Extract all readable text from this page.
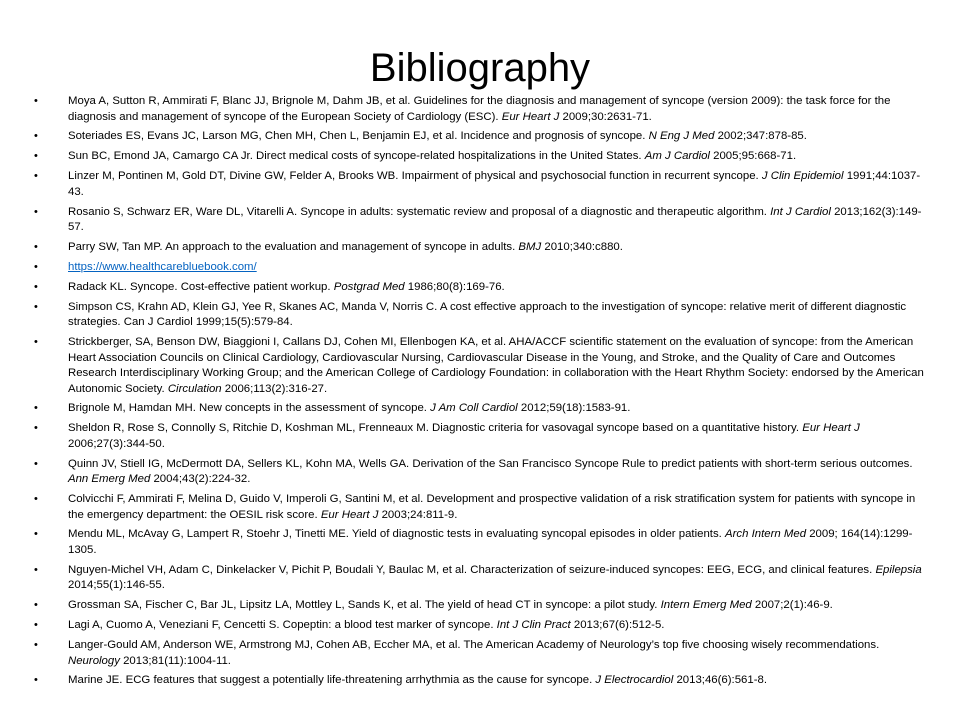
Bibliography
•	Moya A, Sutton R, Ammirati F, Blanc JJ, Brignole M, Dahm JB, et al. Guidelines for the diagnosis and management of syncope (version 2009): the task force for the diagnosis and management of syncope of the European Society of Cardiology (ESC). Eur Heart J 2009;30:2631-71.
•	Soteriades ES, Evans JC, Larson MG, Chen MH, Chen L, Benjamin EJ, et al. Incidence and prognosis of syncope. N Eng J Med 2002;347:878-85.
•	Sun BC, Emond JA, Camargo CA Jr. Direct medical costs of syncope-related hospitalizations in the United States. Am J Cardiol 2005;95:668-71.
•	Linzer M, Pontinen M, Gold DT, Divine GW, Felder A, Brooks WB. Impairment of physical and psychosocial function in recurrent syncope. J Clin Epidemiol 1991;44:1037-43.
•	Rosanio S, Schwarz ER, Ware DL, Vitarelli A. Syncope in adults: systematic review and proposal of a diagnostic and therapeutic algorithm. Int J Cardiol 2013;162(3):149-57.
•	Parry SW, Tan MP. An approach to the evaluation and management of syncope in adults. BMJ 2010;340:c880.
•	https://www.healthcarebluebook.com/
•	Radack KL. Syncope. Cost-effective patient workup. Postgrad Med 1986;80(8):169-76.
•	Simpson CS, Krahn AD, Klein GJ, Yee R, Skanes AC, Manda V, Norris C. A cost effective approach to the investigation of syncope: relative merit of different diagnostic strategies. Can J Cardiol 1999;15(5):579-84.
•	Strickberger, SA, Benson DW, Biaggioni I, Callans DJ, Cohen MI, Ellenbogen KA, et al. AHA/ACCF scientific statement on the evaluation of syncope: from the American Heart Association Councils on Clinical Cardiology, Cardiovascular Nursing, Cardiovascular Disease in the Young, and Stroke, and the Quality of Care and Outcomes Research Interdisciplinary Working Group; and the American College of Cardiology Foundation: in collaboration with the Heart Rhythm Society: endorsed by the American Autonomic Society. Circulation 2006;113(2):316-27.
•	Brignole M, Hamdan MH. New concepts in the assessment of syncope. J Am Coll Cardiol 2012;59(18):1583-91.
•	Sheldon R, Rose S, Connolly S, Ritchie D, Koshman ML, Frenneaux M. Diagnostic criteria for vasovagal syncope based on a quantitative history. Eur Heart J 2006;27(3):344-50.
•	Quinn JV, Stiell IG, McDermott DA, Sellers KL, Kohn MA, Wells GA. Derivation of the San Francisco Syncope Rule to predict patients with short-term serious outcomes. Ann Emerg Med 2004;43(2):224-32.
•	Colvicchi F, Ammirati F, Melina D, Guido V, Imperoli G, Santini M, et al. Development and prospective validation of a risk stratification system for patients with syncope in the emergency department: the OESIL risk score. Eur Heart J 2003;24:811-9.
•	Mendu ML, McAvay G, Lampert R, Stoehr J, Tinetti ME. Yield of diagnostic tests in evaluating syncopal episodes in older patients. Arch Intern Med 2009; 164(14):1299-1305.
•	Nguyen-Michel VH, Adam C, Dinkelacker V, Pichit P, Boudali Y, Baulac M, et al. Characterization of seizure-induced syncopes: EEG, ECG, and clinical features. Epilepsia 2014;55(1):146-55.
•	Grossman SA, Fischer C, Bar JL, Lipsitz LA, Mottley L, Sands K, et al. The yield of head CT in syncope: a pilot study. Intern Emerg Med 2007;2(1):46-9.
•	Lagi A, Cuomo A, Veneziani F, Cencetti S. Copeptin: a blood test marker of syncope. Int J Clin Pract 2013;67(6):512-5.
•	Langer-Gould AM, Anderson WE, Armstrong MJ, Cohen AB, Eccher MA, et al. The American Academy of Neurology’s top five choosing wisely recommendations. Neurology 2013;81(11):1004-11.
•	Marine JE. ECG features that suggest a potentially life-threatening arrhythmia as the cause for syncope. J Electrocardiol 2013;46(6):561-8.
